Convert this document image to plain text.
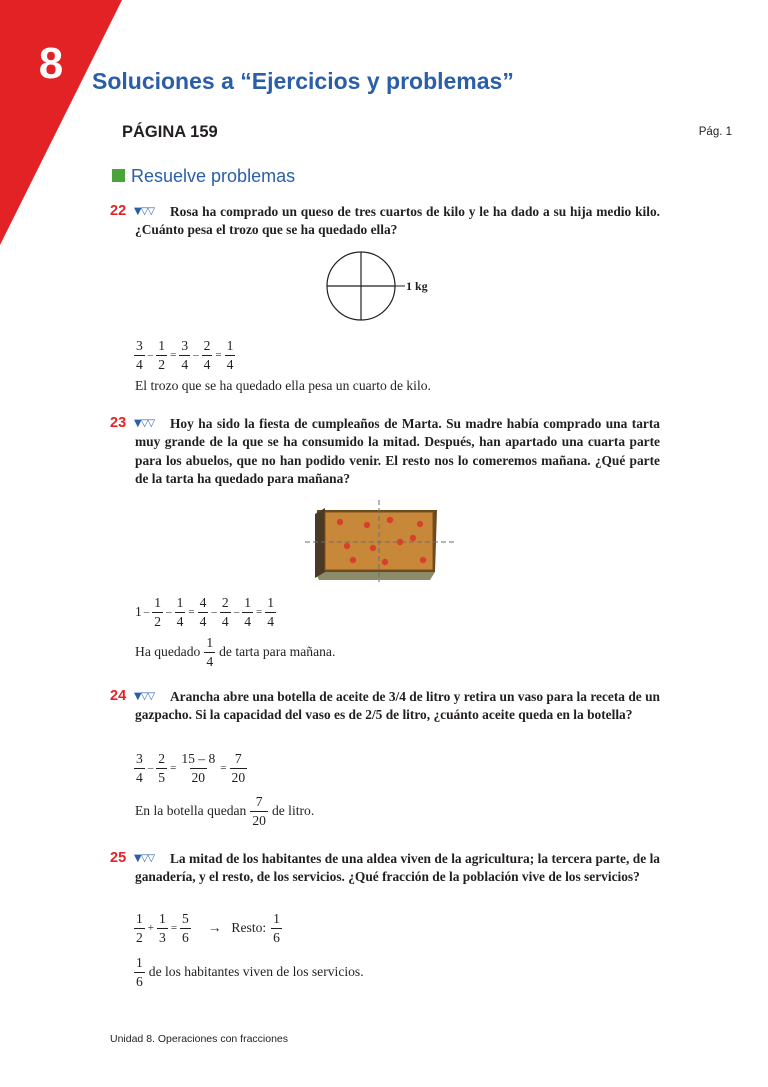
8	Soluciones a “Ejercicios y problemas”
PÁGINA 159	Pág. 1
Resuelve problemas
22 ▼▽▽	Rosa ha comprado un queso de tres cuartos de kilo y le ha dado a su hija medio kilo. ¿Cuánto pesa el trozo que se ha quedado ella?
1 kg
$\frac{3}{4} - \frac{1}{2} = \frac{3}{4} - \frac{2}{4} = \frac{1}{4}$
El trozo que se ha quedado ella pesa un cuarto de kilo.
23 ▼▽▽	Hoy ha sido la fiesta de cumpleaños de Marta. Su madre había comprado una tarta muy grande de la que se ha consumido la mitad. Después, han apartado una cuarta parte para los abuelos, que no han podido venir. El resto nos lo comeremos mañana. ¿Qué parte de la tarta ha quedado para mañana?
$1 - \frac{1}{2} - \frac{1}{4} = \frac{4}{4} - \frac{2}{4} - \frac{1}{4} = \frac{1}{4}$
Ha quedado $\frac{1}{4}$ de tarta para mañana.
24 ▼▽▽	Arancha abre una botella de aceite de 3/4 de litro y retira un vaso para la receta de un gazpacho. Si la capacidad del vaso es de 2/5 de litro, ¿cuánto aceite queda en la botella?
$\frac{3}{4} - \frac{2}{5} = \frac{15 - 8}{20} = \frac{7}{20}$
En la botella quedan $\frac{7}{20}$ de litro.
25 ▼▽▽	La mitad de los habitantes de una aldea viven de la agricultura; la tercera parte, de la ganadería, y el resto, de los servicios. ¿Qué fracción de la población vive de los servicios?
$\frac{1}{2} + \frac{1}{3} = \frac{5}{6}$ → Resto: $\frac{1}{6}$
$\frac{1}{6}$ de los habitantes viven de los servicios.
Unidad 8. Operaciones con fracciones
